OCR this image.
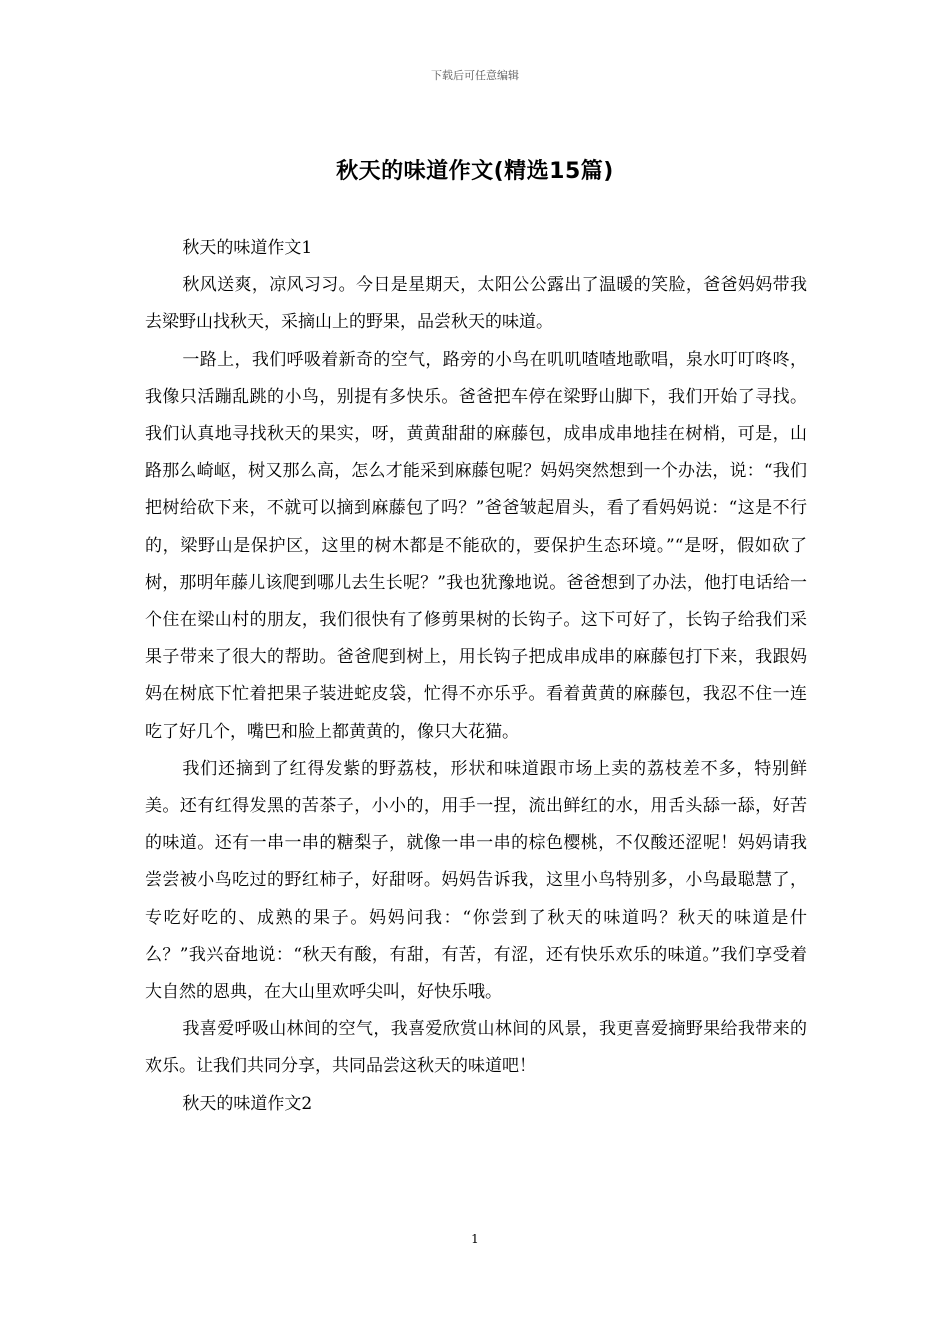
下载后可任意编辑
秋天的味道作文(精选15篇)

秋天的味道作文1

秋风送爽，凉风习习。今日是星期天，太阳公公露出了温暖的笑脸，爸爸妈妈带我去梁野山找秋天，采摘山上的野果，品尝秋天的味道。

一路上，我们呼吸着新奇的空气，路旁的小鸟在叽叽喳喳地歌唱，泉水叮叮咚咚，我像只活蹦乱跳的小鸟，别提有多快乐。爸爸把车停在梁野山脚下，我们开始了寻找。我们认真地寻找秋天的果实，呀，黄黄甜甜的麻藤包，成串成串地挂在树梢，可是，山路那么崎岖，树又那么高，怎么才能采到麻藤包呢？妈妈突然想到一个办法，说：“我们把树给砍下来，不就可以摘到麻藤包了吗？”爸爸皱起眉头，看了看妈妈说：“这是不行的，梁野山是保护区，这里的树木都是不能砍的，要保护生态环境。”“是呀，假如砍了树，那明年藤儿该爬到哪儿去生长呢？”我也犹豫地说。爸爸想到了办法，他打电话给一个住在梁山村的朋友，我们很快有了修剪果树的长钩子。这下可好了，长钩子给我们采果子带来了很大的帮助。爸爸爬到树上，用长钩子把成串成串的麻藤包打下来，我跟妈妈在树底下忙着把果子装进蛇皮袋，忙得不亦乐乎。看着黄黄的麻藤包，我忍不住一连吃了好几个，嘴巴和脸上都黄黄的，像只大花猫。

我们还摘到了红得发紫的野荔枝，形状和味道跟市场上卖的荔枝差不多，特别鲜美。还有红得发黑的苦茶子，小小的，用手一捏，流出鲜红的水，用舌头舔一舔，好苦的味道。还有一串一串的糖梨子，就像一串一串的棕色樱桃，不仅酸还涩呢！妈妈请我尝尝被小鸟吃过的野红柿子，好甜呀。妈妈告诉我，这里小鸟特别多，小鸟最聪慧了，专吃好吃的、成熟的果子。妈妈问我：“你尝到了秋天的味道吗？秋天的味道是什么？”我兴奋地说：“秋天有酸，有甜，有苦，有涩，还有快乐欢乐的味道。”我们享受着大自然的恩典，在大山里欢呼尖叫，好快乐哦。

我喜爱呼吸山林间的空气，我喜爱欣赏山林间的风景，我更喜爱摘野果给我带来的欢乐。让我们共同分享，共同品尝这秋天的味道吧！

秋天的味道作文2

1
